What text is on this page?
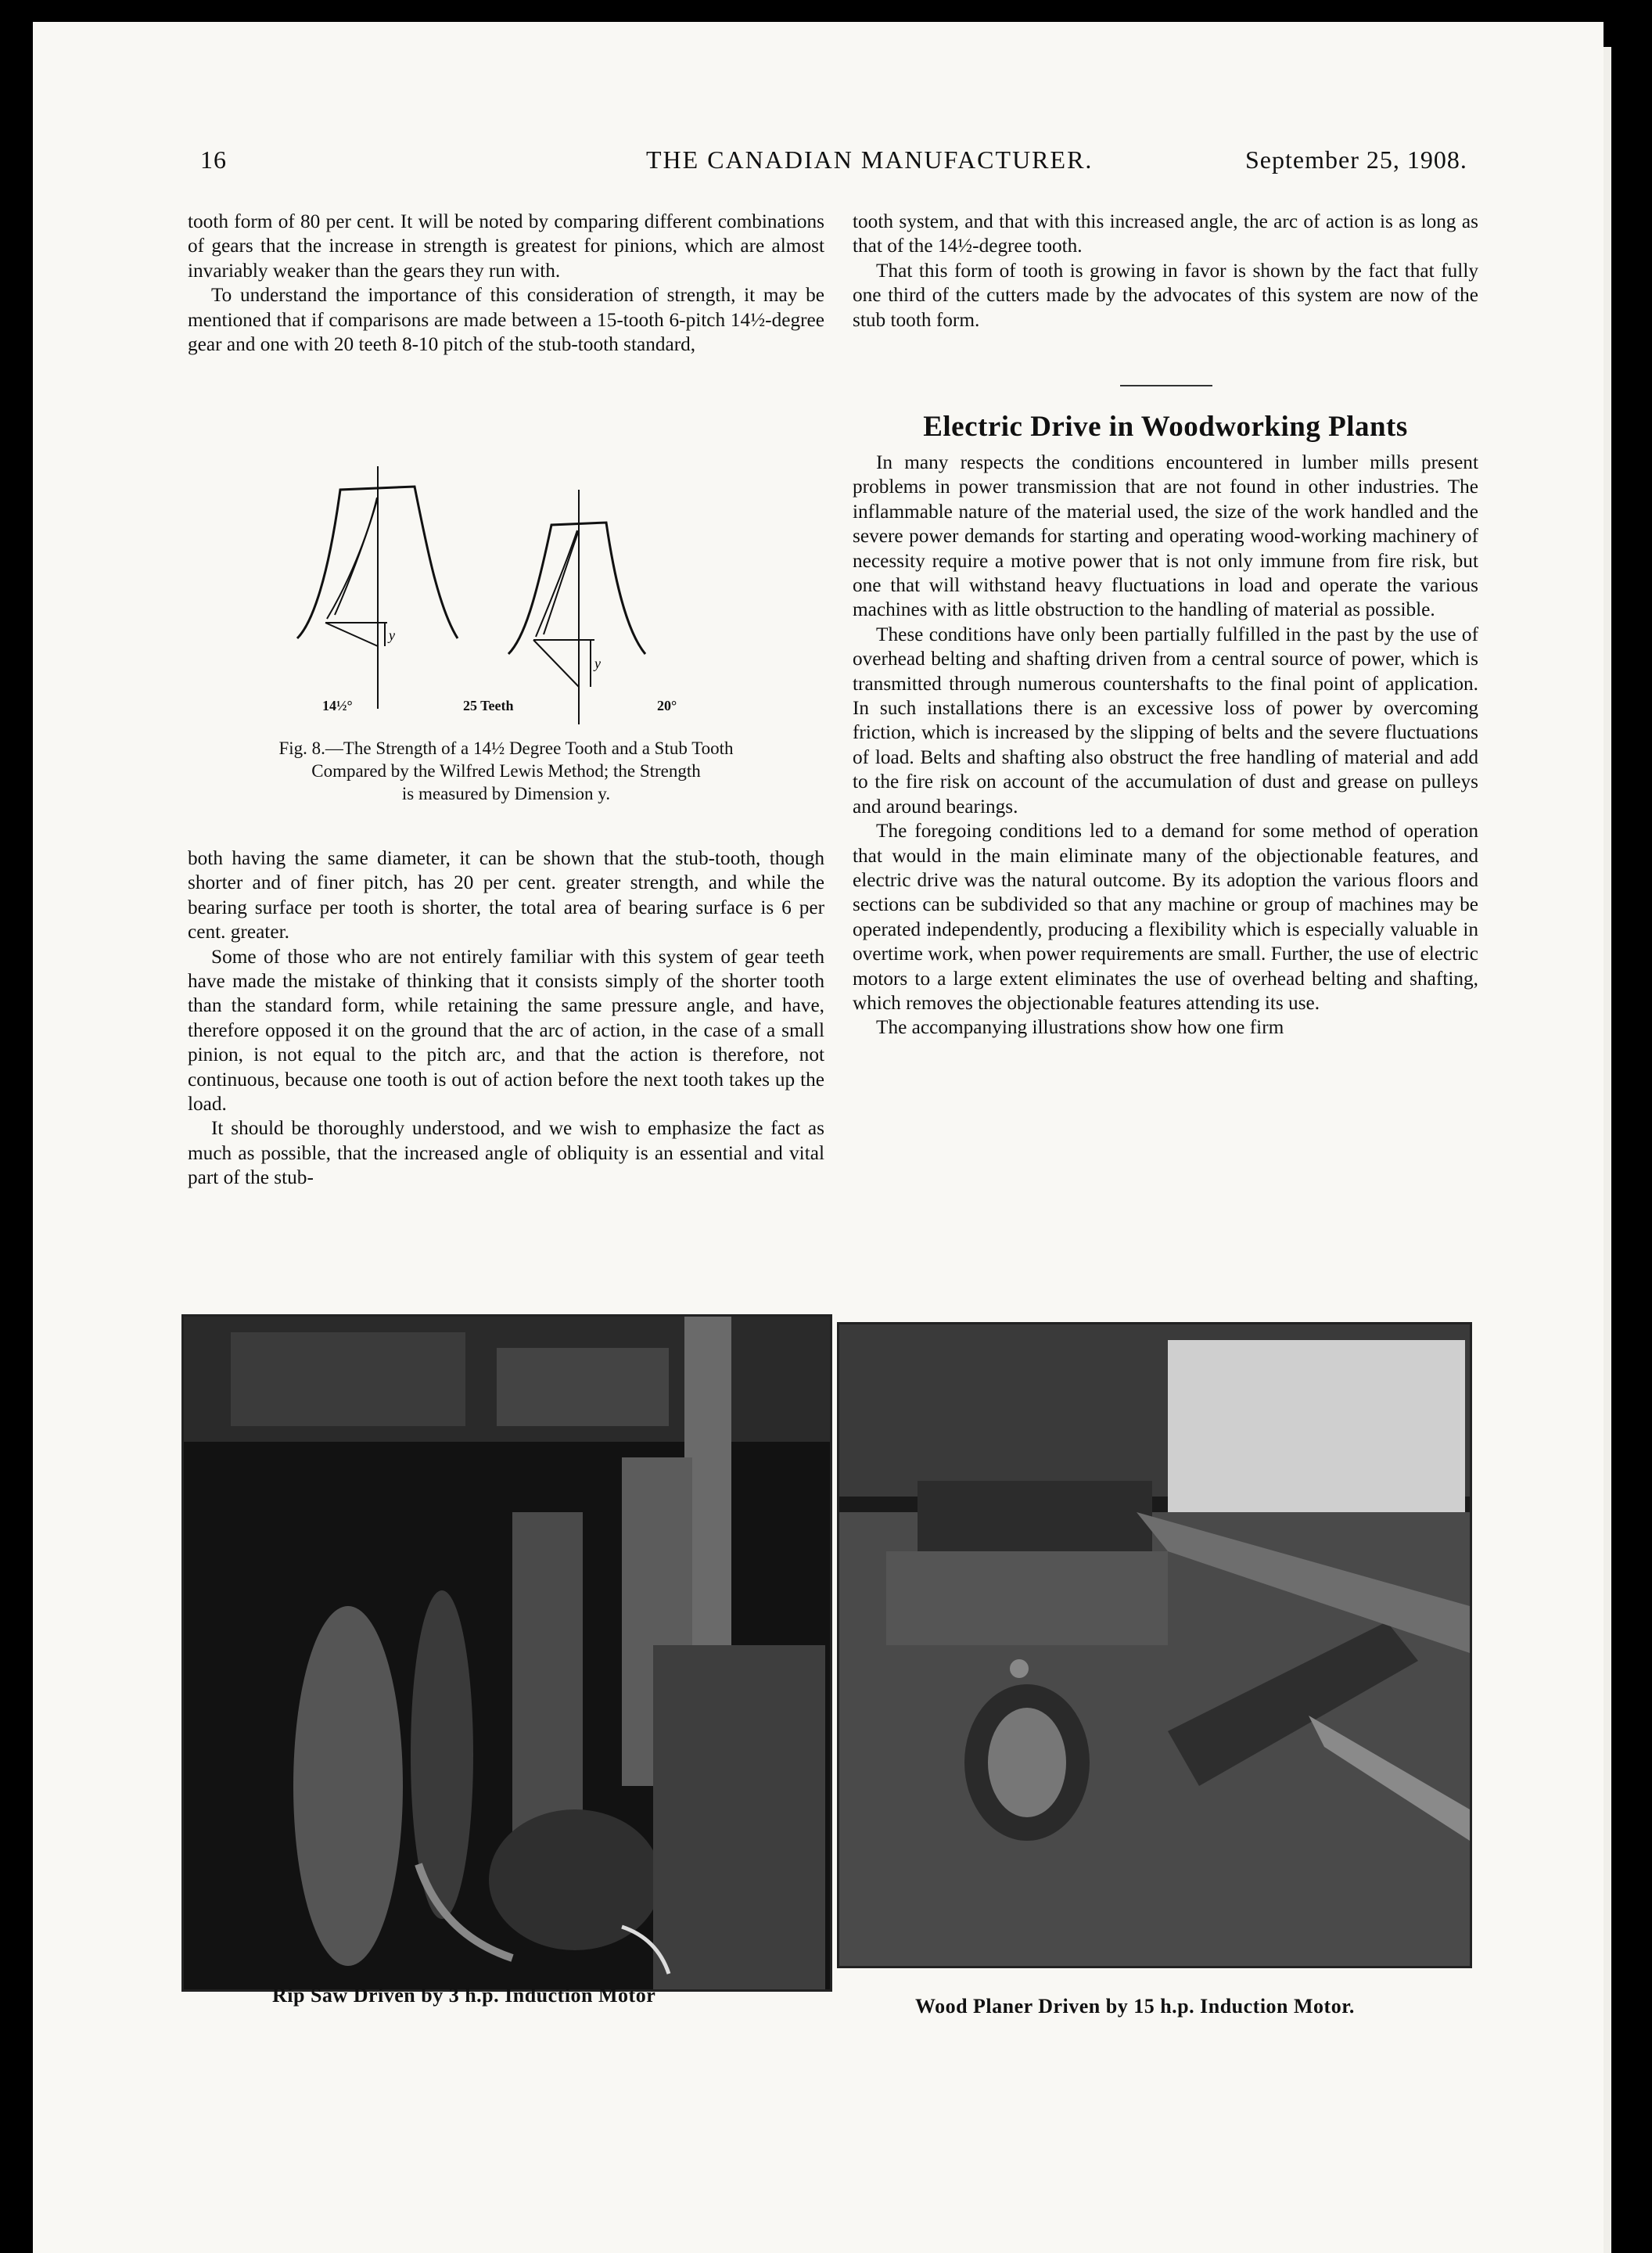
16	THE CANADIAN MANUFACTURER.	September 25, 1908.

tooth form of 80 per cent. It will be noted by comparing different combinations of gears that the increase in strength is greatest for pinions, which are almost invariably weaker than the gears they run with.

To understand the importance of this consideration of strength, it may be mentioned that if comparisons are made between a 15-tooth 6-pitch 14½-degree gear and one with 20 teeth 8-10 pitch of the stub-tooth standard,

y
y
14½°	25 Teeth	20°
Fig. 8.—The Strength of a 14½ Degree Tooth and a Stub Tooth
Compared by the Wilfred Lewis Method; the Strength
is measured by Dimension y.

both having the same diameter, it can be shown that the stub-tooth, though shorter and of finer pitch, has 20 per cent. greater strength, and while the bearing surface per tooth is shorter, the total area of bearing surface is 6 per cent. greater.

Some of those who are not entirely familiar with this system of gear teeth have made the mistake of thinking that it consists simply of the shorter tooth than the standard form, while retaining the same pressure angle, and have, therefore opposed it on the ground that the arc of action, in the case of a small pinion, is not equal to the pitch arc, and that the action is therefore, not continuous, because one tooth is out of action before the next tooth takes up the load.

It should be thoroughly understood, and we wish to emphasize the fact as much as possible, that the increased angle of obliquity is an essential and vital part of the stub-

tooth system, and that with this increased angle, the arc of action is as long as that of the 14½-degree tooth.

That this form of tooth is growing in favor is shown by the fact that fully one third of the cutters made by the advocates of this system are now of the stub tooth form.

Electric Drive in Woodworking Plants

In many respects the conditions encountered in lumber mills present problems in power transmission that are not found in other industries. The inflammable nature of the material used, the size of the work handled and the severe power demands for starting and operating wood-working machinery of necessity require a motive power that is not only immune from fire risk, but one that will withstand heavy fluctuations in load and operate the various machines with as little obstruction to the handling of material as possible.

These conditions have only been partially fulfilled in the past by the use of overhead belting and shafting driven from a central source of power, which is transmitted through numerous countershafts to the final point of application. In such installations there is an excessive loss of power by overcoming friction, which is increased by the slipping of belts and the severe fluctuations of load. Belts and shafting also obstruct the free handling of material and add to the fire risk on account of the accumulation of dust and grease on pulleys and around bearings.

The foregoing conditions led to a demand for some method of operation that would in the main eliminate many of the objectionable features, and electric drive was the natural outcome. By its adoption the various floors and sections can be subdivided so that any machine or group of machines may be operated independently, producing a flexibility which is especially valuable in overtime work, when power requirements are small. Further, the use of electric motors to a large extent eliminates the use of overhead belting and shafting, which removes the objectionable features attending its use.

The accompanying illustrations show how one firm

Rip Saw Driven by 3 h.p. Induction Motor	Wood Planer Driven by 15 h.p. Induction Motor.
